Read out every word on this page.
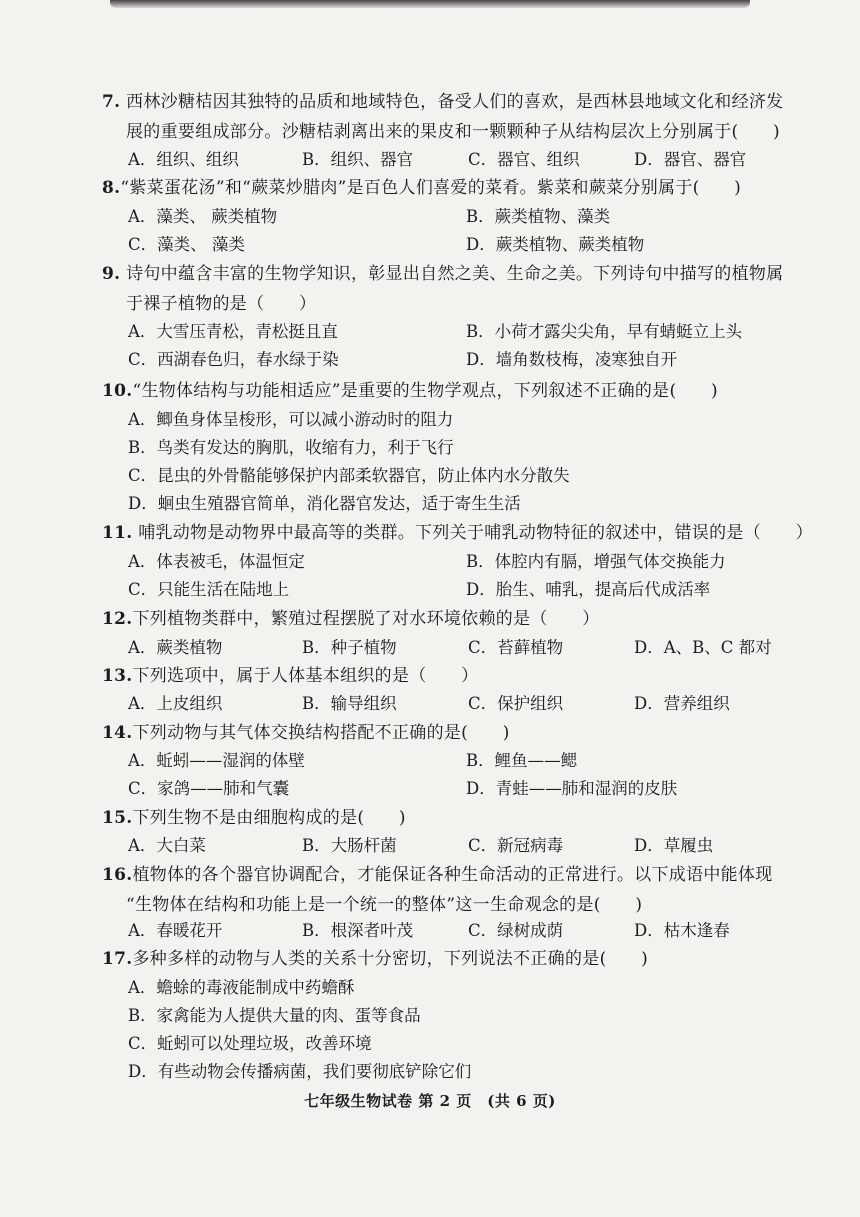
7. 西林沙糖桔因其独特的品质和地域特色，备受人们的喜欢，是西林县地域文化和经济发
展的重要组成部分。沙糖桔剥离出来的果皮和一颗颗种子从结构层次上分别属于(　　)
A．组织、组织	B．组织、器官	C．器官、组织	D．器官、器官
8.“紫菜蛋花汤”和“蕨菜炒腊肉”是百色人们喜爱的菜肴。紫菜和蕨菜分别属于(　　)
A．藻类、 蕨类植物	B．蕨类植物、藻类
C．藻类、 藻类	D．蕨类植物、蕨类植物
9. 诗句中蕴含丰富的生物学知识，彰显出自然之美、生命之美。下列诗句中描写的植物属
于裸子植物的是（　　）
A．大雪压青松，青松挺且直	B．小荷才露尖尖角，早有蜻蜓立上头
C．西湖春色归，春水绿于染	D．墙角数枝梅，凌寒独自开
10.“生物体结构与功能相适应”是重要的生物学观点，下列叙述不正确的是(　　)
A．鲫鱼身体呈梭形，可以减小游动时的阻力
B．鸟类有发达的胸肌，收缩有力，利于飞行
C．昆虫的外骨骼能够保护内部柔软器官，防止体内水分散失
D．蛔虫生殖器官简单，消化器官发达，适于寄生生活
11. 哺乳动物是动物界中最高等的类群。下列关于哺乳动物特征的叙述中，错误的是（　　）
A．体表被毛，体温恒定	B．体腔内有膈，增强气体交换能力
C．只能生活在陆地上	D．胎生、哺乳，提高后代成活率
12.下列植物类群中，繁殖过程摆脱了对水环境依赖的是（　　）
A．蕨类植物	B．种子植物	C．苔藓植物	D．A、B、C 都对
13.下列选项中，属于人体基本组织的是（　　）
A．上皮组织	B．输导组织	C．保护组织	D．营养组织
14.下列动物与其气体交换结构搭配不正确的是(　　)
A．蚯蚓——湿润的体壁	B．鲤鱼——鳃
C．家鸽——肺和气囊	D．青蛙——肺和湿润的皮肤
15.下列生物不是由细胞构成的是(　　)
A．大白菜	B．大肠杆菌	C．新冠病毒	D．草履虫
16.植物体的各个器官协调配合，才能保证各种生命活动的正常进行。以下成语中能体现
“生物体在结构和功能上是一个统一的整体”这一生命观念的是(　　)
A．春暖花开	B．根深者叶茂	C．绿树成荫	D．枯木逢春
17.多种多样的动物与人类的关系十分密切，下列说法不正确的是(　　)
A．蟾蜍的毒液能制成中药蟾酥
B．家禽能为人提供大量的肉、蛋等食品
C．蚯蚓可以处理垃圾，改善环境
D．有些动物会传播病菌，我们要彻底铲除它们
七年级生物试卷 第 2 页　(共 6 页)
